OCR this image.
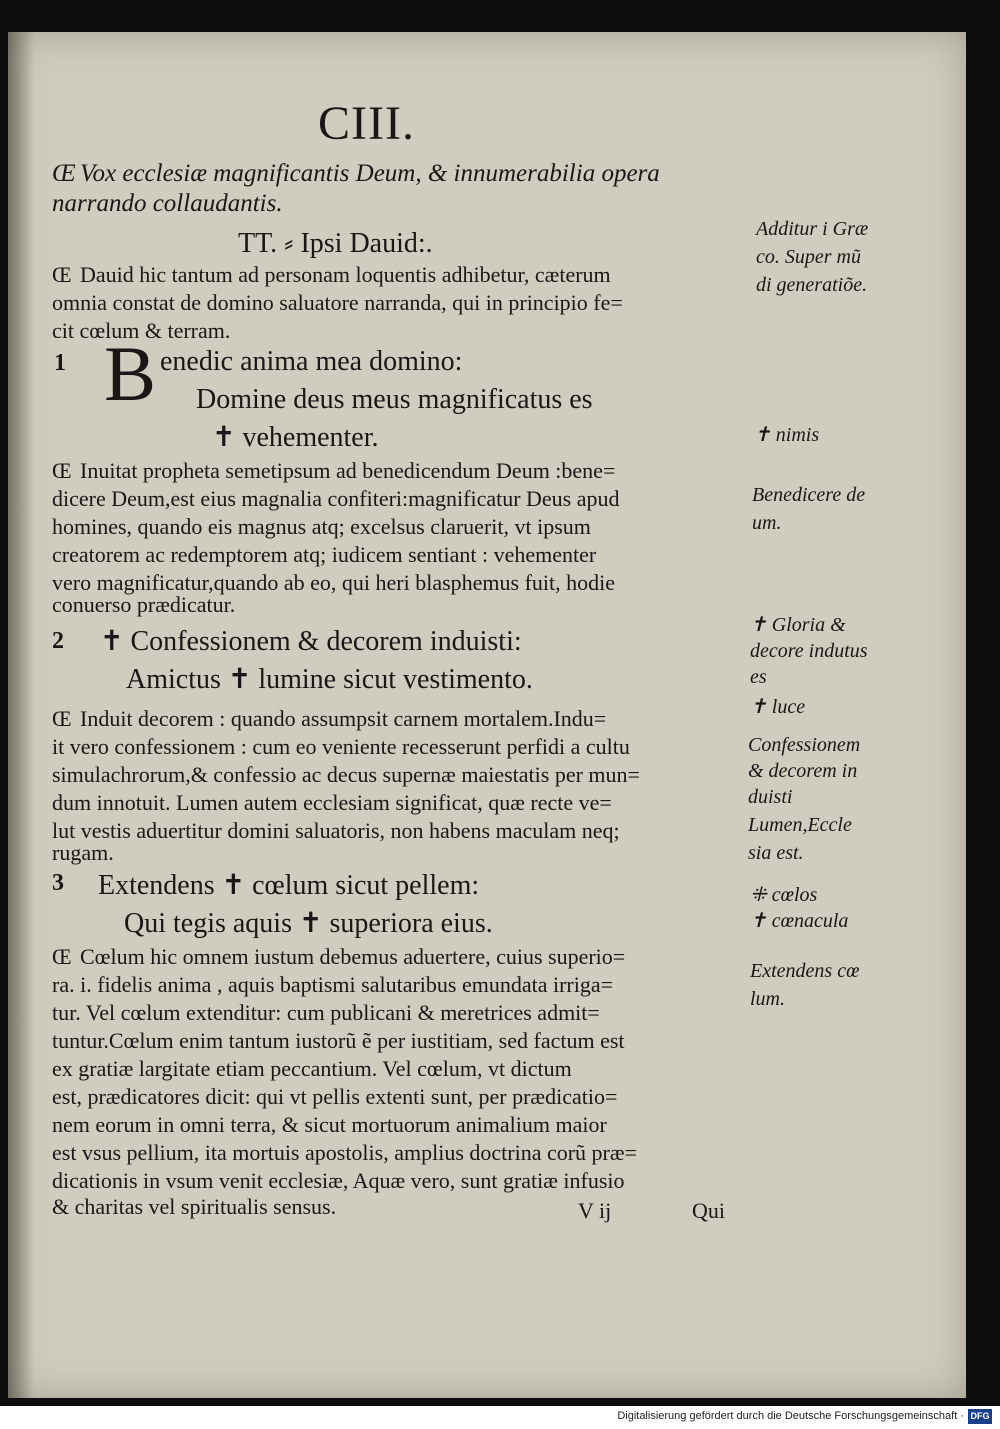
CIII.
Œ Vox ecclesiæ magnificantis Deum, & innumerabilia opera
narrando collaudantis.
TT. ⸗ Ipsi Dauid:.
Œ Dauid hic tantum ad personam loquentis adhibetur, cæterum
omnia constat de domino saluatore narranda, qui in principio fe=
cit cœlum & terram.
1 B enedic anima mea domino:
Domine deus meus magnificatus es
✝ vehementer.
Œ Inuitat propheta semetipsum ad benedicendum Deum :bene=
dicere Deum,est eius magnalia confiteri:magnificatur Deus apud
homines, quando eis magnus atq; excelsus claruerit, vt ipsum
creatorem ac redemptorem atq; iudicem sentiant : vehementer
vero magnificatur,quando ab eo, qui heri blasphemus fuit, hodie
conuerso prædicatur.
2 ✝ Confessionem & decorem induisti:
Amictus ✝ lumine sicut vestimento.
Œ Induit decorem : quando assumpsit carnem mortalem.Indu=
it vero confessionem : cum eo veniente recesserunt perfidi a cultu
simulachrorum,& confessio ac decus supernæ maiestatis per mun=
dum innotuit. Lumen autem ecclesiam significat, quæ recte ve=
lut vestis aduertitur domini saluatoris, non habens maculam neq;
rugam.
3 Extendens ✝ cœlum sicut pellem:
Qui tegis aquis ✝ superiora eius.
Œ Cœlum hic omnem iustum debemus aduertere, cuius superio=
ra. i. fidelis anima , aquis baptismi salutaribus emundata irriga=
tur. Vel cœlum extenditur: cum publicani & meretrices admit=
tuntur.Cœlum enim tantum iustorũ ẽ per iustitiam, sed factum est
ex gratiæ largitate etiam peccantium. Vel cœlum, vt dictum
est, prædicatores dicit: qui vt pellis extenti sunt, per prædicatio=
nem eorum in omni terra, & sicut mortuorum animalium maior
est vsus pellium, ita mortuis apostolis, amplius doctrina corũ præ=
dicationis in vsum venit ecclesiæ, Aquæ vero, sunt gratiæ infusio
& charitas vel spiritualis sensus.	V ij	Qui
Additur i Græ
co. Super mũ
di generatiõe.
✝ nimis
Benedicere de
um.
✝ Gloria &
decore indutus
es
✝ luce
Confessionem
& decorem in
duisti
Lumen,Eccle
sia est.
⁜ cœlos
✝ cœnacula
Extendens cœ
lum.
Digitalisierung gefördert durch die Deutsche Forschungsgemeinschaft · DFG
